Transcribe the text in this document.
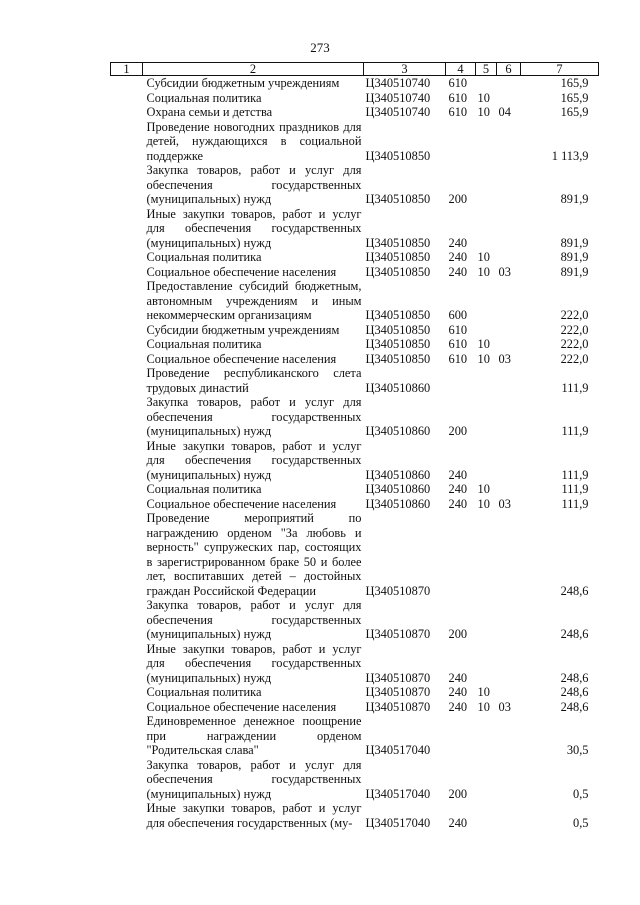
273
1	2	3	4	5	6	7
	Субсидии бюджетным учреждениям	Ц340510740	610			165,9
	Социальная политика	Ц340510740	610	10		165,9
	Охрана семьи и детства	Ц340510740	610	10	04	165,9
	Проведение новогодних праздников для детей, нуждающихся в социальной поддержке	Ц340510850				1 113,9
	Закупка товаров, работ и услуг для обеспечения государственных (муниципальных) нужд	Ц340510850	200			891,9
	Иные закупки товаров, работ и услуг для обеспечения государственных (муниципальных) нужд	Ц340510850	240			891,9
	Социальная политика	Ц340510850	240	10		891,9
	Социальное обеспечение населения	Ц340510850	240	10	03	891,9
	Предоставление субсидий бюджетным, автономным учреждениям и иным некоммерческим организациям	Ц340510850	600			222,0
	Субсидии бюджетным учреждениям	Ц340510850	610			222,0
	Социальная политика	Ц340510850	610	10		222,0
	Социальное обеспечение населения	Ц340510850	610	10	03	222,0
	Проведение республиканского слета трудовых династий	Ц340510860				111,9
	Закупка товаров, работ и услуг для обеспечения государственных (муниципальных) нужд	Ц340510860	200			111,9
	Иные закупки товаров, работ и услуг для обеспечения государственных (муниципальных) нужд	Ц340510860	240			111,9
	Социальная политика	Ц340510860	240	10		111,9
	Социальное обеспечение населения	Ц340510860	240	10	03	111,9
	Проведение мероприятий по награждению орденом "За любовь и верность" супружеских пар, состоящих в зарегистрированном браке 50 и более лет, воспитавших детей – достойных граждан Российской Федерации	Ц340510870				248,6
	Закупка товаров, работ и услуг для обеспечения государственных (муниципальных) нужд	Ц340510870	200			248,6
	Иные закупки товаров, работ и услуг для обеспечения государственных (муниципальных) нужд	Ц340510870	240			248,6
	Социальная политика	Ц340510870	240	10		248,6
	Социальное обеспечение населения	Ц340510870	240	10	03	248,6
	Единовременное денежное поощрение при награждении орденом "Родительская слава"	Ц340517040				30,5
	Закупка товаров, работ и услуг для обеспечения государственных (муниципальных) нужд	Ц340517040	200			0,5
	Иные закупки товаров, работ и услуг для обеспечения государственных (му-	Ц340517040	240			0,5
